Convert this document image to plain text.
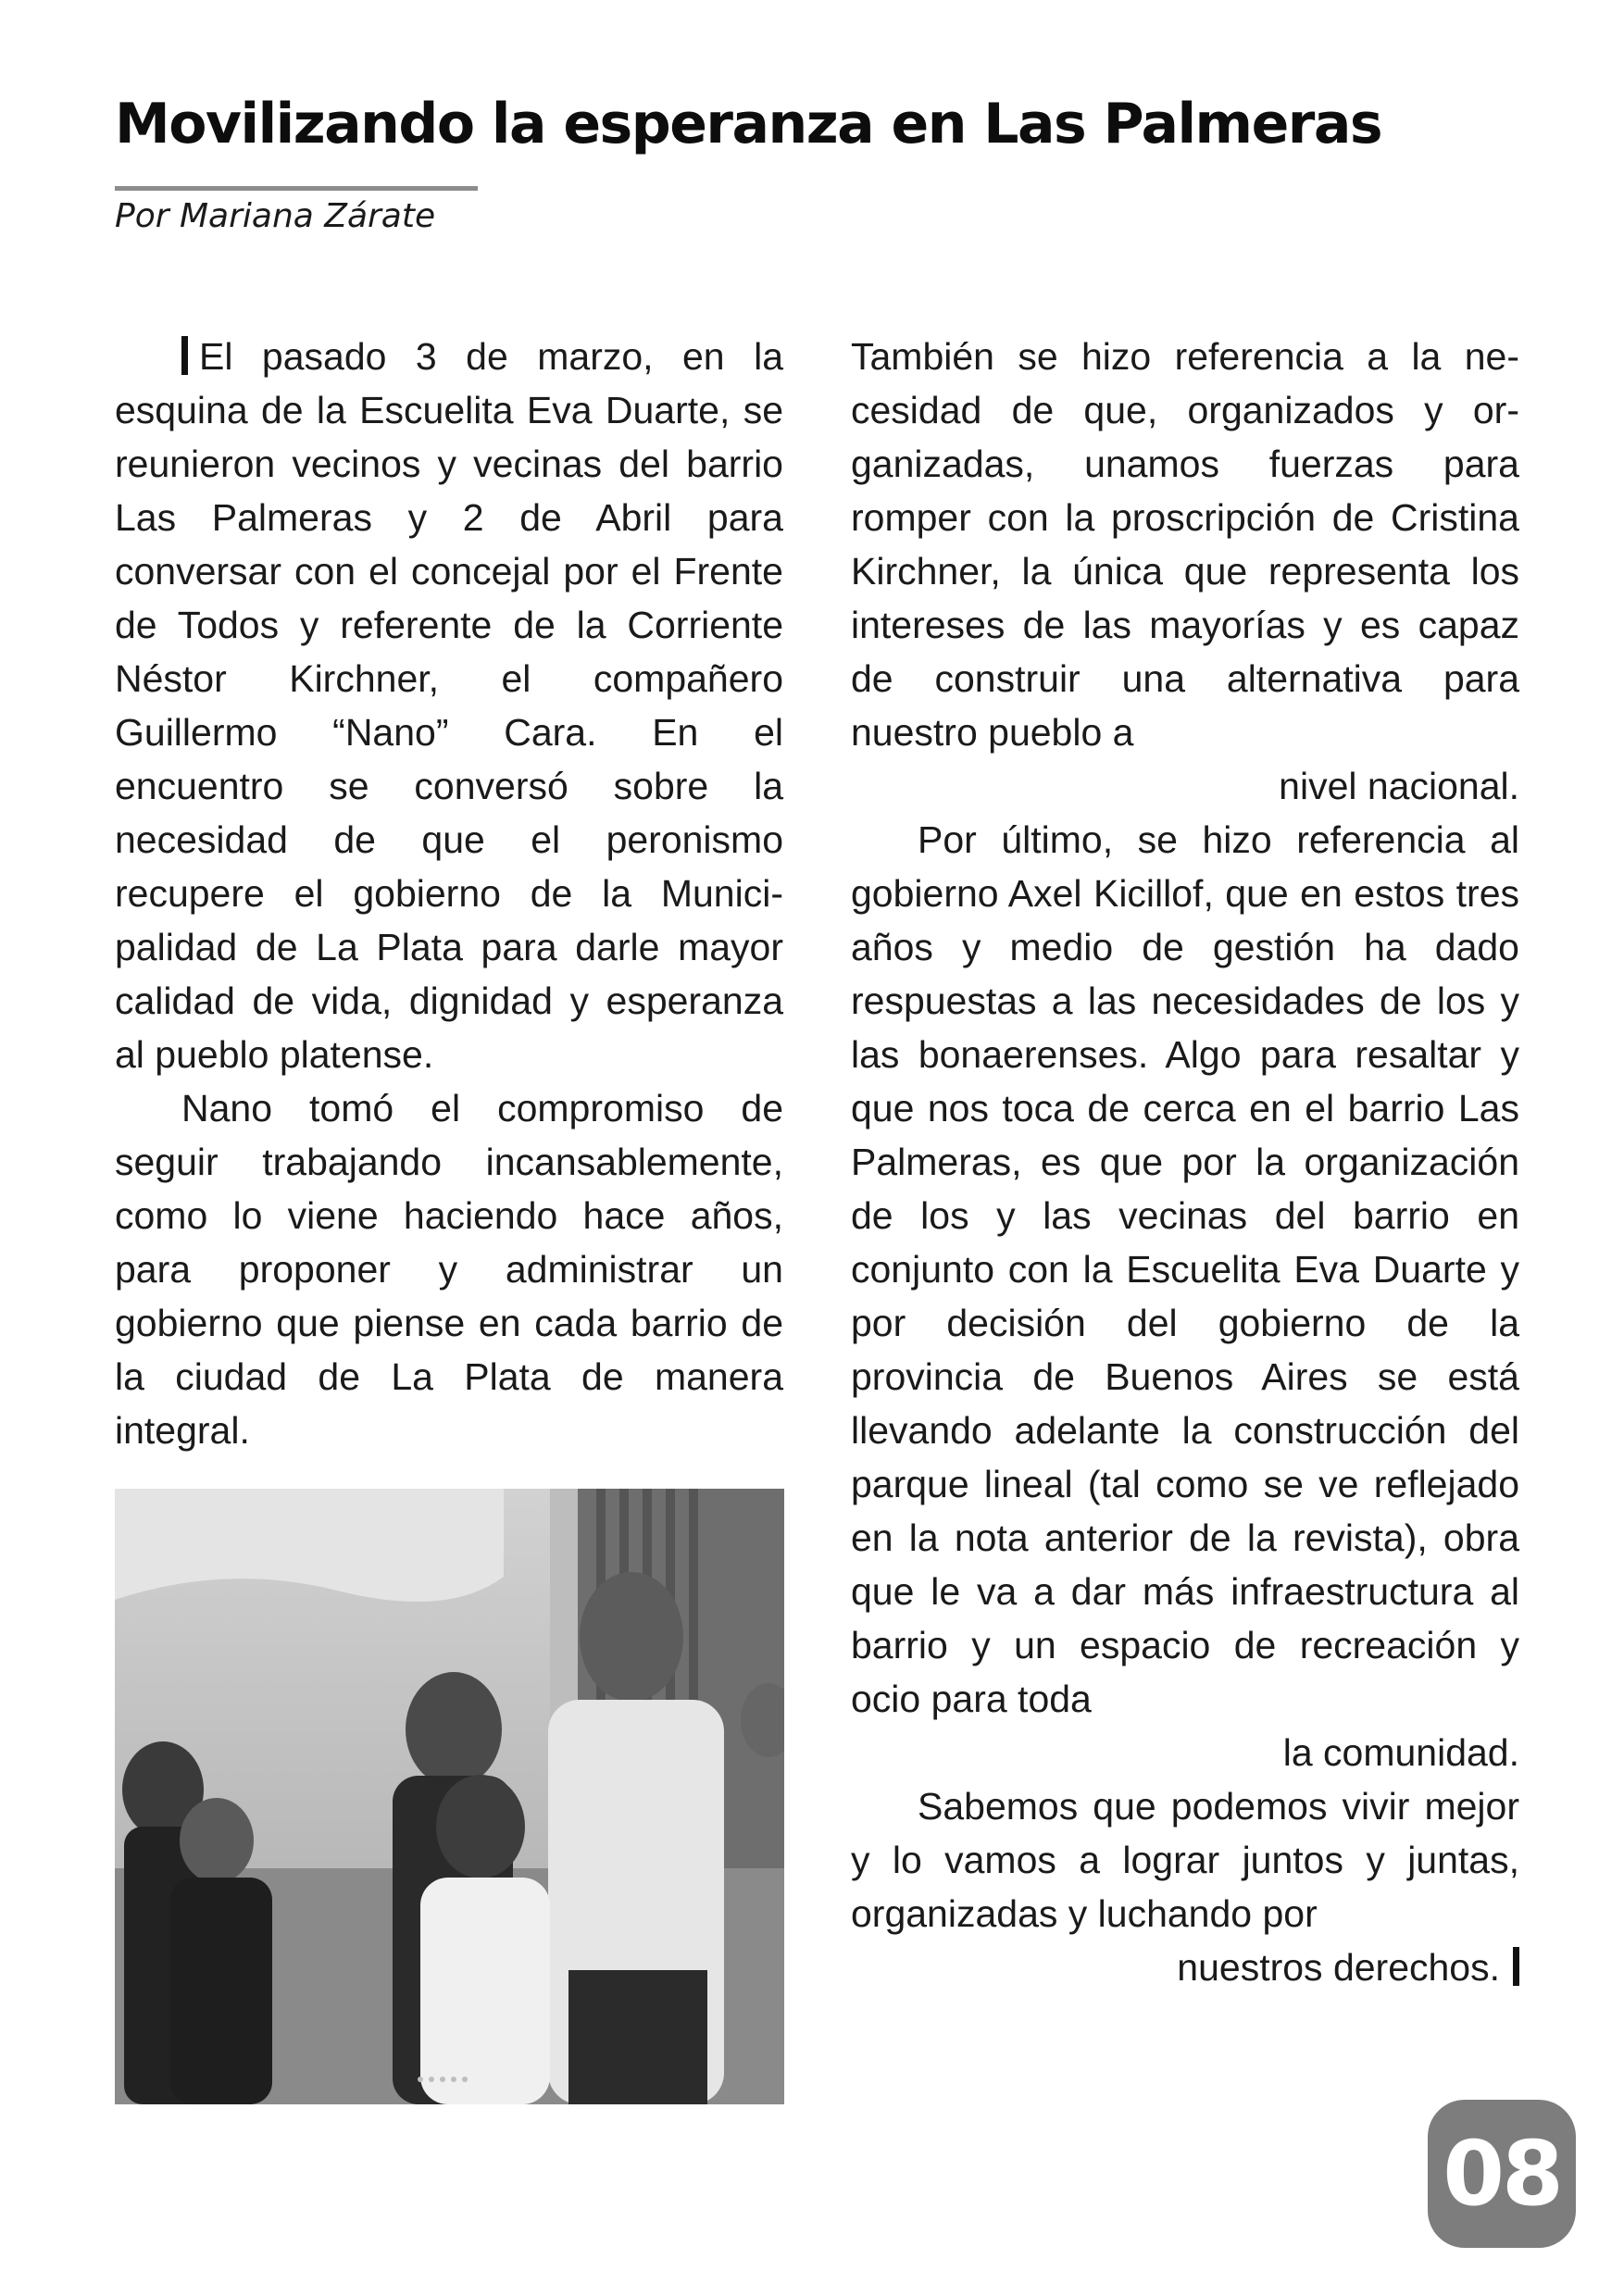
Movilizando la esperanza en Las Palmeras
Por Mariana Zárate

El pasado 3 de marzo, en la esquina de la Escuelita Eva Duarte, se reunieron vecinos y vecinas del barrio Las Palmeras y 2 de Abril para conversar con el concejal por el Frente de Todos y referente de la Corriente Néstor Kirchner, el compañero Guillermo “Nano” Cara. En el encuentro se conversó sobre la necesidad de que el peronismo recupere el gobierno de la Municipalidad de La Plata para darle mayor calidad de vida, dignidad y esperanza al pueblo platense.

Nano tomó el compromiso de seguir trabajando incansablemente, como lo viene haciendo hace años, para proponer y administrar un gobierno que piense en cada barrio de la ciudad de La Plata de manera integral.

También se hizo referencia a la necesidad de que, organizados y organizadas, unamos fuerzas para romper con la proscripción de Cristina Kirchner, la única que representa los intereses de las mayorías y es capaz de construir una alternativa para nuestro pueblo a

nivel nacional.

Por último, se hizo referencia al gobierno Axel Kicillof, que en estos tres años y medio de gestión ha dado respuestas a las necesidades de los y las bonaerenses. Algo para resaltar y que nos toca de cerca en el barrio Las Palmeras, es que por la organización de los y las vecinas del barrio en conjunto con la Escuelita Eva Duarte y por decisión del gobierno de la provincia de Buenos Aires se está llevando adelante la construcción del parque lineal (tal como se ve reflejado en la nota anterior de la revista), obra que le va a dar más infraestructura al barrio y un espacio de recreación y ocio para toda

la comunidad.

Sabemos que podemos vivir mejor y lo vamos a lograr juntos y juntas, organizadas y luchando por

nuestros derechos.

08
